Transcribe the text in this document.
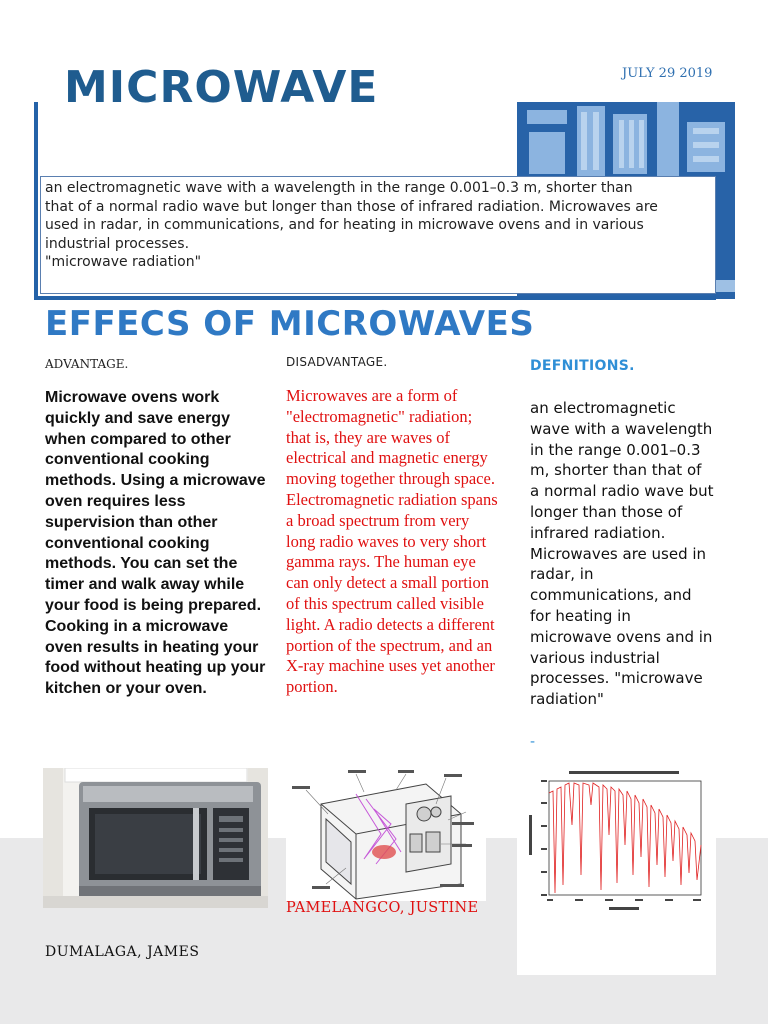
MICROWAVE	JULY 29 2019
an electromagnetic wave with a wavelength in the range 0.001–0.3 m, shorter than
that of a normal radio wave but longer than those of infrared radiation. Microwaves are
used in radar, in communications, and for heating in microwave ovens and in various
industrial processes.
"microwave radiation"
EFFECS OF MICROWAVES
ADVANTAGE.	DISADVANTAGE.	DEFNITIONS.
Microwave ovens work quickly and save energy when compared to other conventional cooking methods. Using a microwave oven requires less supervision than other conventional cooking methods. You can set the timer and walk away while your food is being prepared. Cooking in a microwave oven results in heating your food without heating up your kitchen or your oven.
Microwaves are a form of "electromagnetic" radiation; that is, they are waves of electrical and magnetic energy moving together through space. Electromagnetic radiation spans a broad spectrum from very long radio waves to very short gamma rays. The human eye can only detect a small portion of this spectrum called visible light. A radio detects a different portion of the spectrum, and an X-ray machine uses yet another portion.
an electromagnetic wave with a wavelength in the range 0.001–0.3 m, shorter than that of a normal radio wave but longer than those of infrared radiation. Microwaves are used in radar, in communications, and for heating in microwave ovens and in various industrial processes. "microwave radiation"
-
DUMALAGA, JAMES
PAMELANGCO, JUSTINE
